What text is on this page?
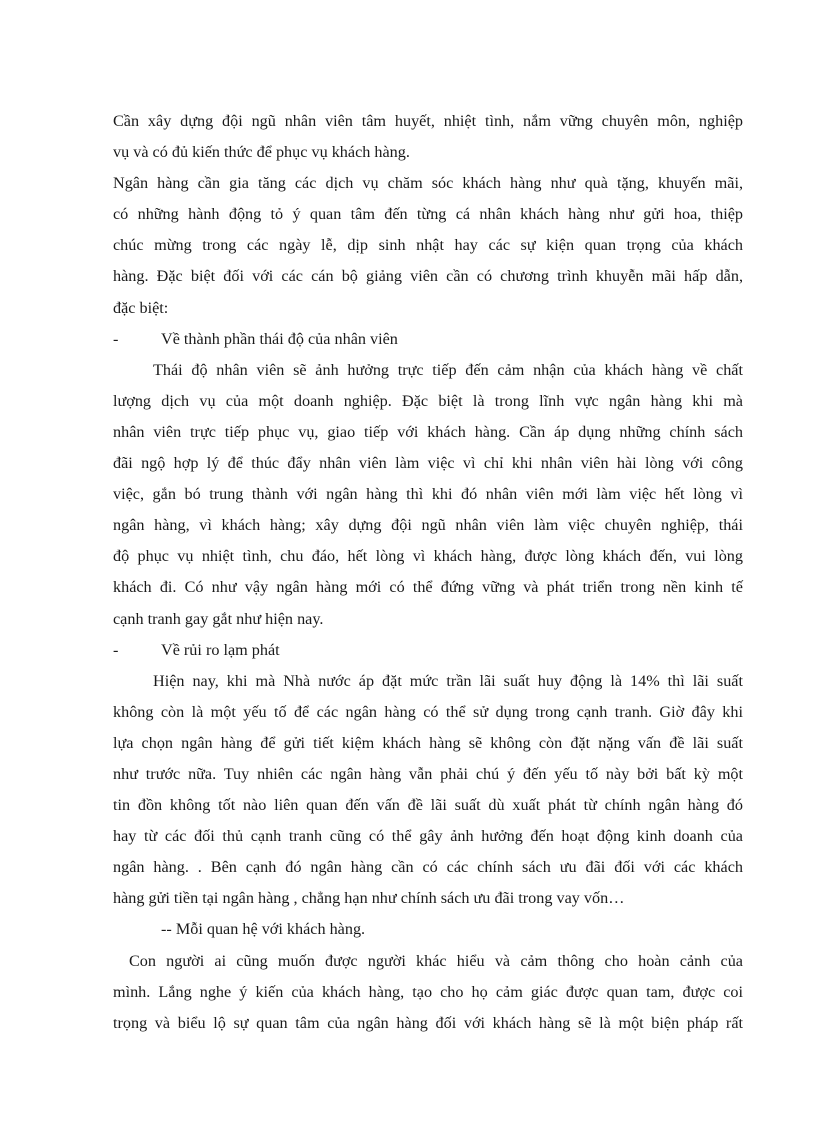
Cần xây dựng đội ngũ nhân viên tâm huyết, nhiệt tình, nắm vững chuyên môn, nghiệp
vụ và có đủ kiến thức để phục vụ khách hàng.
Ngân hàng cần gia tăng các dịch vụ chăm sóc khách hàng như quà tặng, khuyến mãi,
có những hành động tỏ ý quan tâm đến từng cá nhân khách hàng như gửi hoa, thiệp
chúc mừng trong các ngày lễ, dịp sinh nhật hay các sự kiện quan trọng của khách
hàng. Đặc biệt đối với các cán bộ giảng viên cần có chương trình khuyễn mãi hấp dẫn,
đặc biệt:
-	Về thành phần thái độ của nhân viên
Thái độ nhân viên sẽ ảnh hưởng trực tiếp đến cảm nhận của khách hàng về chất
lượng dịch vụ của một doanh nghiệp. Đặc biệt là trong lĩnh vực ngân hàng khi mà
nhân viên trực tiếp phục vụ, giao tiếp với khách hàng. Cần áp dụng những chính sách
đãi ngộ hợp lý để thúc đẩy nhân viên làm việc vì chỉ khi nhân viên hài lòng với công
việc, gắn bó trung thành với ngân hàng thì khi đó nhân viên mới làm việc hết lòng vì
ngân hàng, vì khách hàng; xây dựng đội ngũ nhân viên làm việc chuyên nghiệp, thái
độ phục vụ nhiệt tình, chu đáo, hết lòng vì khách hàng, được lòng khách đến, vui lòng
khách đi. Có như vậy ngân hàng mới có thể đứng vững và phát triển trong nền kinh tế
cạnh tranh gay gắt như hiện nay.
-	Về rủi ro lạm phát
Hiện nay, khi mà Nhà nước áp đặt mức trần lãi suất huy động là 14% thì lãi suất
không còn là một yếu tố để các ngân hàng có thể sử dụng trong cạnh tranh. Giờ đây khi
lựa chọn ngân hàng để gửi tiết kiệm khách hàng sẽ không còn đặt nặng vấn đề lãi suất
như trước nữa. Tuy nhiên các ngân hàng vẫn phải chú ý đến yếu tố này bởi bất kỳ một
tin đồn không tốt nào liên quan đến vấn đề lãi suất dù xuất phát từ chính ngân hàng đó
hay từ các đối thủ cạnh tranh cũng có thể gây ảnh hưởng đến hoạt động kinh doanh của
ngân hàng. . Bên cạnh đó ngân hàng cần có các chính sách ưu đãi đối với các khách
hàng gửi tiền tại ngân hàng , chẳng hạn như chính sách ưu đãi trong vay vốn…
-- Mỗi quan hệ với khách hàng.
Con người ai cũng muốn được người khác hiểu và cảm thông cho hoàn cảnh của
mình. Lắng nghe ý kiến của khách hàng, tạo cho họ cảm giác được quan tam, được coi
trọng và biểu lộ sự quan tâm của ngân hàng đối với khách hàng sẽ là một biện pháp rất
